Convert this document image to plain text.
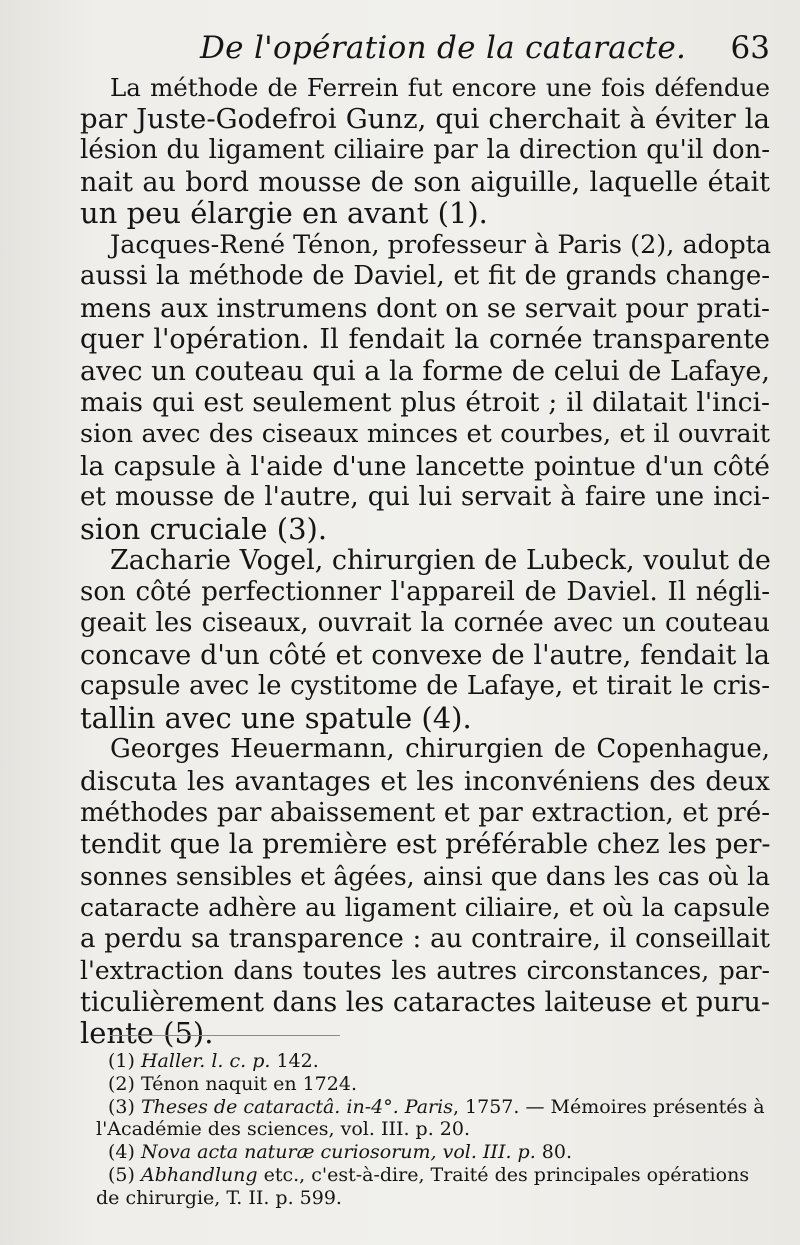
De l'opération de la cataracte. 63
La méthode de Ferrein fut encore une fois défendue
par Juste-Godefroi Gunz, qui cherchait à éviter la
lésion du ligament ciliaire par la direction qu'il don-
nait au bord mousse de son aiguille, laquelle était
un peu élargie en avant (1).
Jacques-René Ténon, professeur à Paris (2), adopta
aussi la méthode de Daviel, et fit de grands change-
mens aux instrumens dont on se servait pour prati-
quer l'opération. Il fendait la cornée transparente
avec un couteau qui a la forme de celui de Lafaye,
mais qui est seulement plus étroit ; il dilatait l'inci-
sion avec des ciseaux minces et courbes, et il ouvrait
la capsule à l'aide d'une lancette pointue d'un côté
et mousse de l'autre, qui lui servait à faire une inci-
sion cruciale (3).
Zacharie Vogel, chirurgien de Lubeck, voulut de
son côté perfectionner l'appareil de Daviel. Il négli-
geait les ciseaux, ouvrait la cornée avec un couteau
concave d'un côté et convexe de l'autre, fendait la
capsule avec le cystitome de Lafaye, et tirait le cris-
tallin avec une spatule (4).
Georges Heuermann, chirurgien de Copenhague,
discuta les avantages et les inconvéniens des deux
méthodes par abaissement et par extraction, et pré-
tendit que la première est préférable chez les per-
sonnes sensibles et âgées, ainsi que dans les cas où la
cataracte adhère au ligament ciliaire, et où la capsule
a perdu sa transparence : au contraire, il conseillait
l'extraction dans toutes les autres circonstances, par-
ticulièrement dans les cataractes laiteuse et puru-
lente (5).
(1) Haller. l. c. p. 142.
(2) Ténon naquit en 1724.
(3) Theses de cataractâ. in-4°. Paris, 1757. — Mémoires présentés à
l'Académie des sciences, vol. III. p. 20.
(4) Nova acta naturæ curiosorum, vol. III. p. 80.
(5) Abhandlung etc., c'est-à-dire, Traité des principales opérations
de chirurgie, T. II. p. 599.
